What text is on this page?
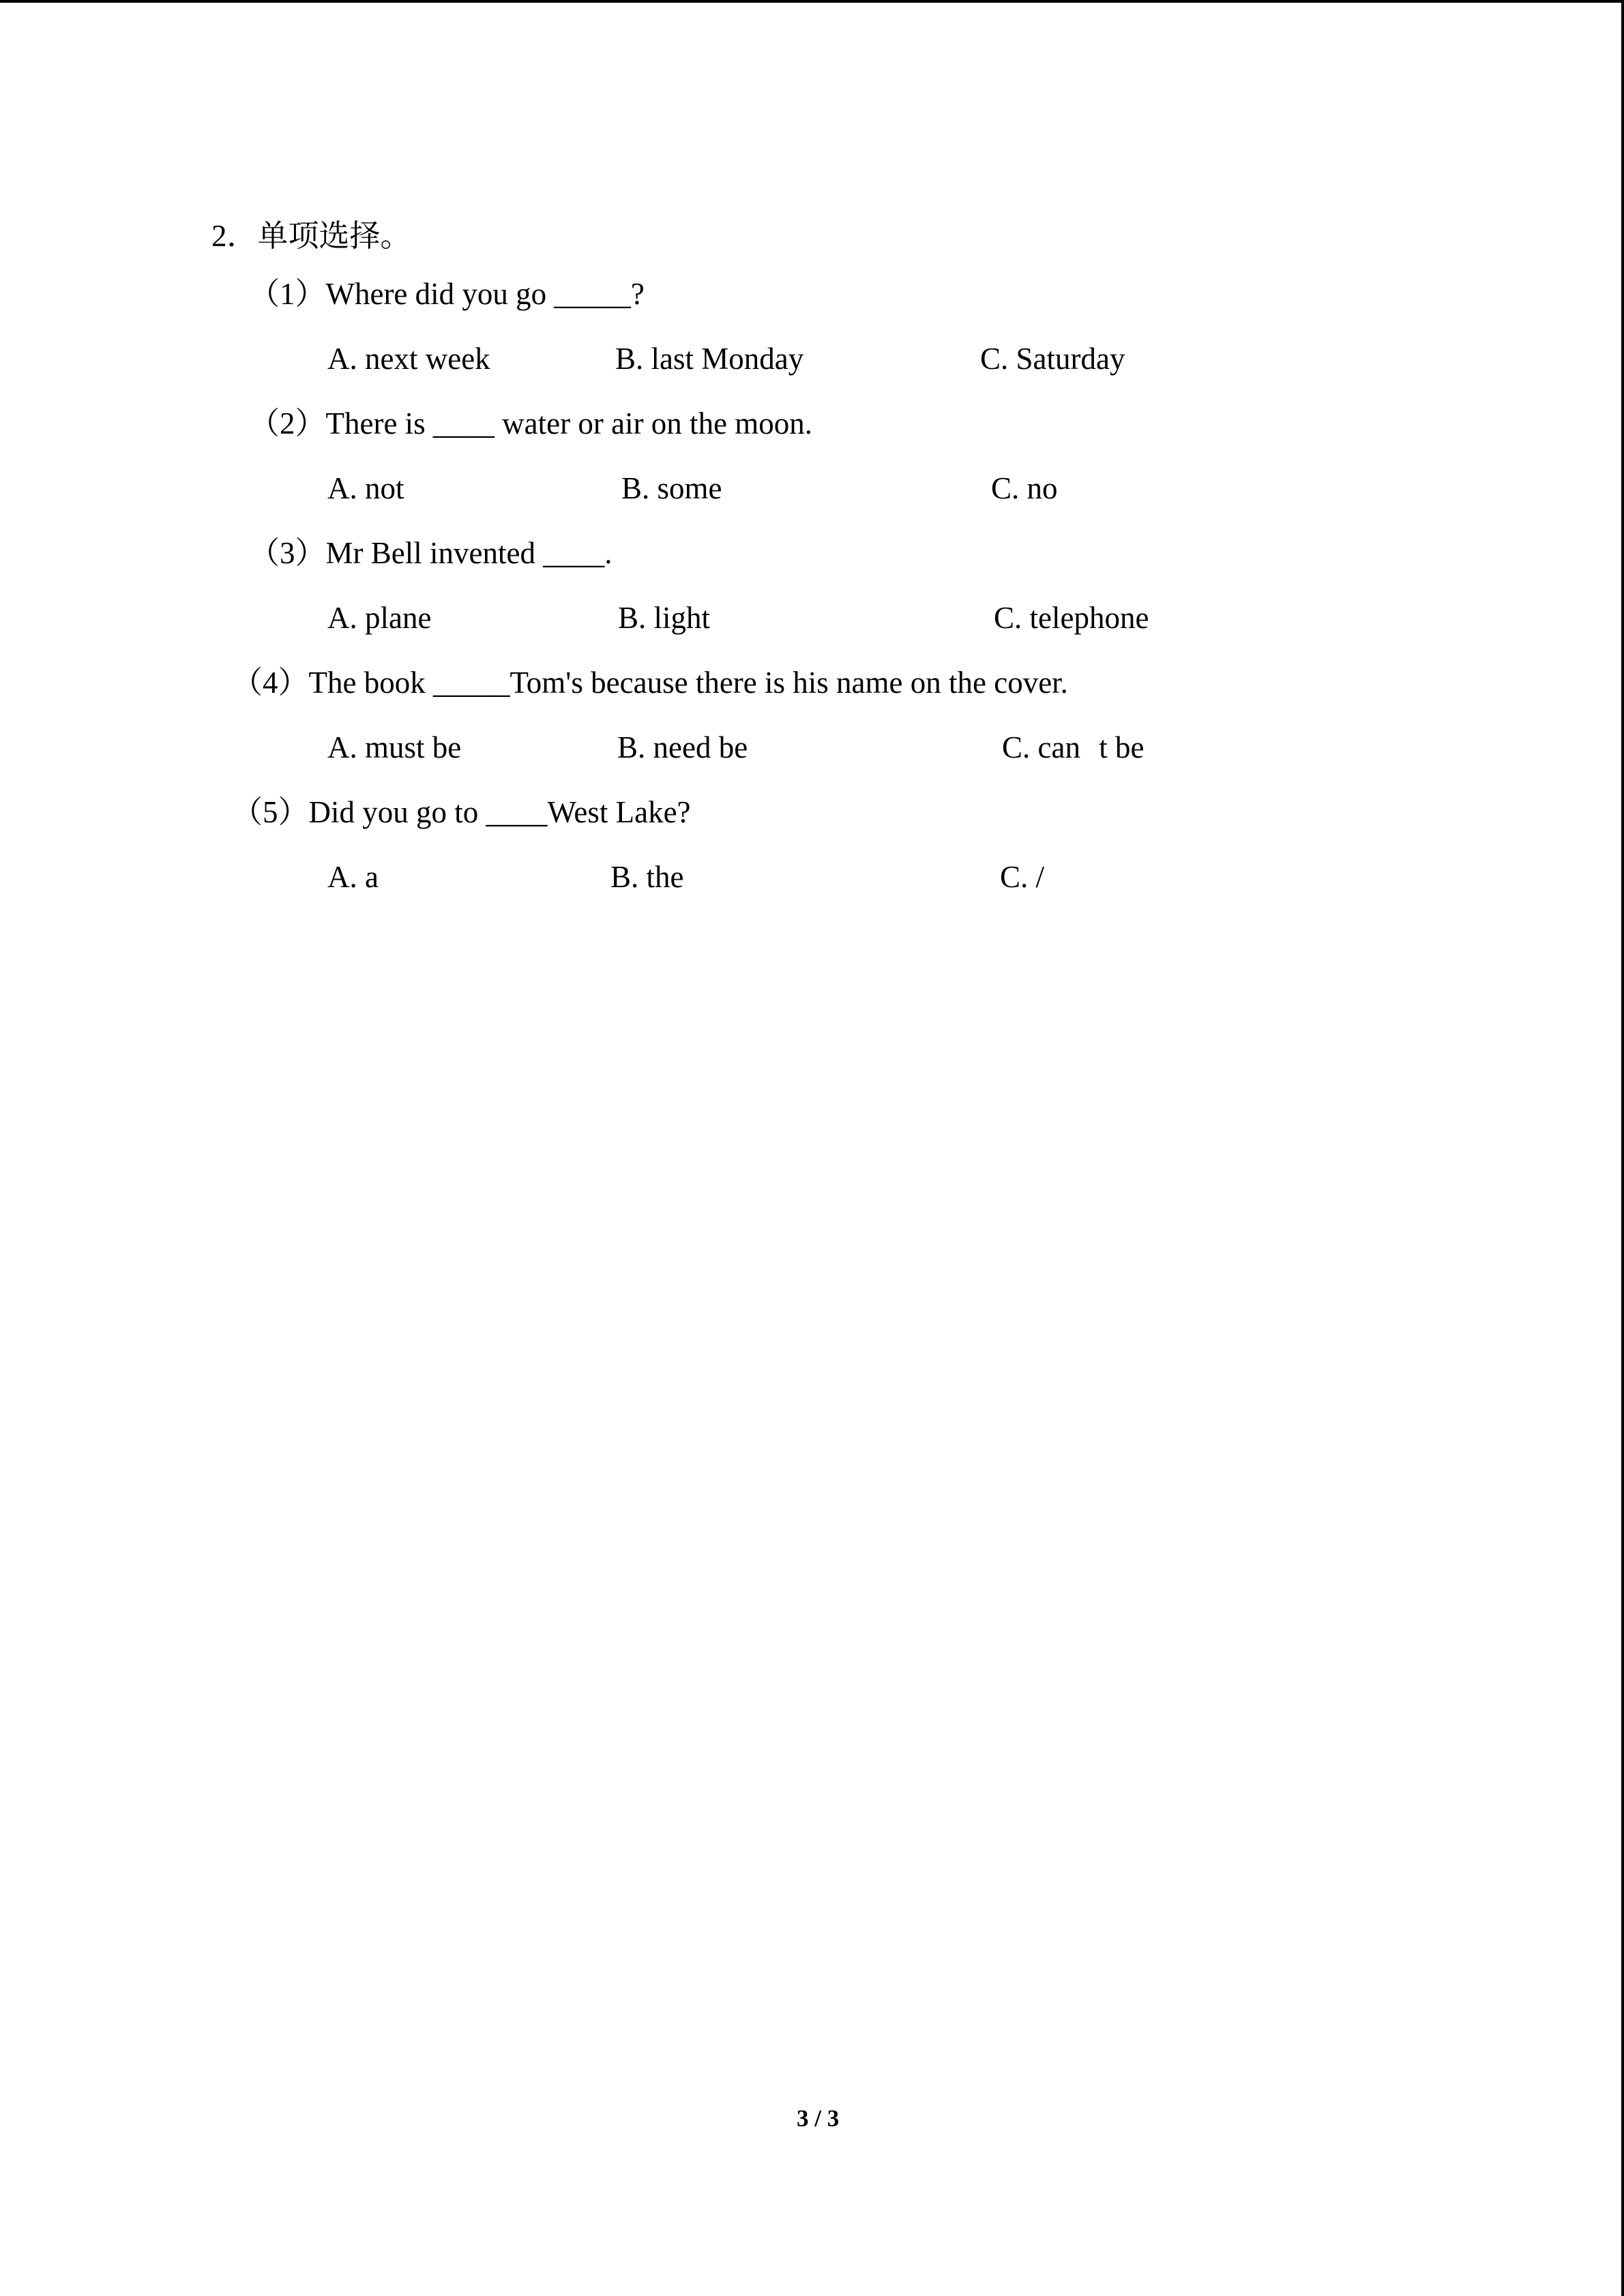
2．单项选择。
（1）Where did you go _____?
A. next week	B. last Monday	C. Saturday
（2）There is ____ water or air on the moon.
A. not	B. some	C. no
（3）Mr Bell invented ____.
A. plane	B. light	C. telephone
（4）The book _____Tom's because there is his name on the cover.
A. must be	B. need be	C. cant be
（5）Did you go to ____West Lake?
A. a	B. the	C. /
3 / 3
